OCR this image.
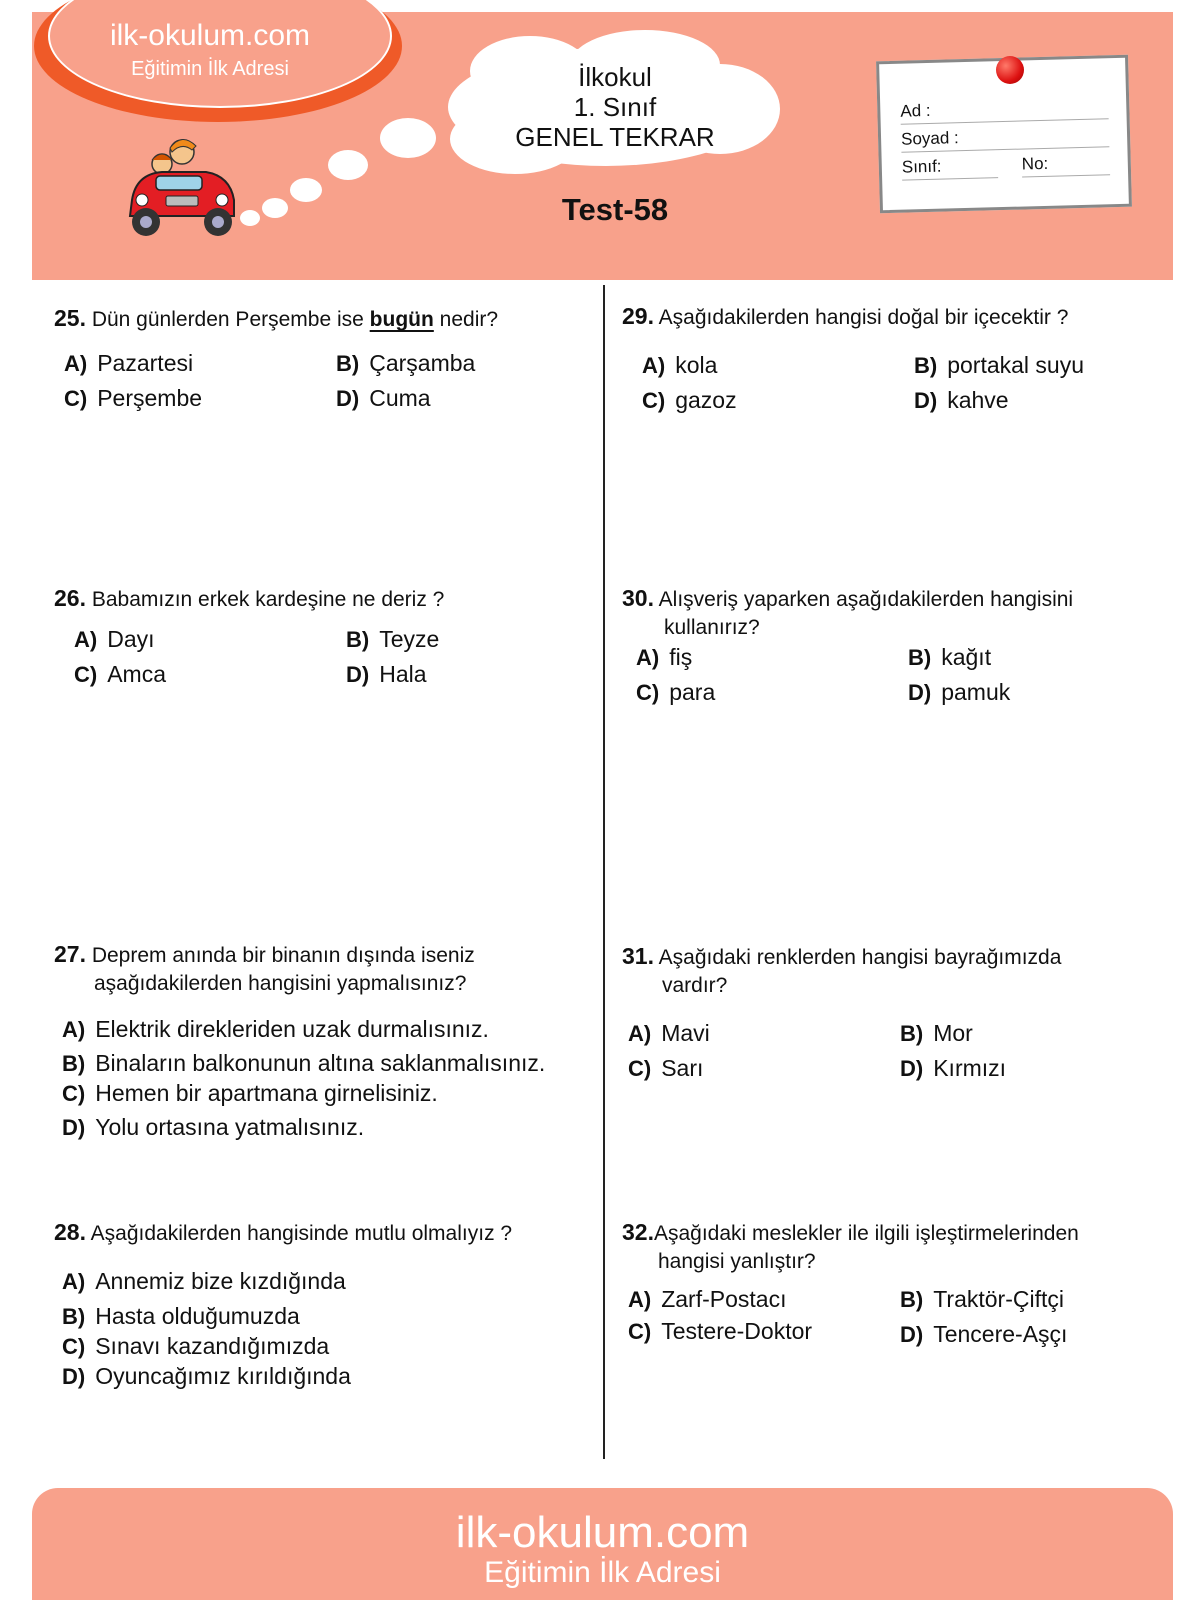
ilk-okulum.com
Eğitimin İlk Adresi	İlkokul
1. Sınıf
GENEL TEKRAR
Test-58
Ad :
Soyad :
Sınıf:	No:
25. Dün günlerden Perşembe ise bugün nedir?
A) Pazartesi	B) Çarşamba
C) Perşembe	D) Cuma
26. Babamızın erkek kardeşine ne deriz ?
A) Dayı	B) Teyze
C) Amca	D) Hala
27. Deprem anında bir binanın dışında iseniz
aşağıdakilerden hangisini yapmalısınız?
A) Elektrik direkleriden uzak durmalısınız.
B) Binaların balkonunun altına saklanmalısınız.
C) Hemen bir apartmana girnelisiniz.
D) Yolu ortasına yatmalısınız.
28. Aşağıdakilerden hangisinde mutlu olmalıyız ?
A) Annemiz bize kızdığında
B) Hasta olduğumuzda
C) Sınavı kazandığımızda
D) Oyuncağımız kırıldığında
29. Aşağıdakilerden hangisi doğal bir içecektir ?
A) kola	B) portakal suyu
C) gazoz	D) kahve
30. Alışveriş yaparken aşağıdakilerden hangisini
kullanırız?
A) fiş	B) kağıt
C) para	D) pamuk
31. Aşağıdaki renklerden hangisi bayrağımızda
vardır?
A) Mavi	B) Mor
C) Sarı	D) Kırmızı
32.Aşağıdaki meslekler ile ilgili işleştirmelerinden
hangisi yanlıştır?
A) Zarf-Postacı	B) Traktör-Çiftçi
C) Testere-Doktor	D) Tencere-Aşçı
ilk-okulum.com
Eğitimin İlk Adresi
